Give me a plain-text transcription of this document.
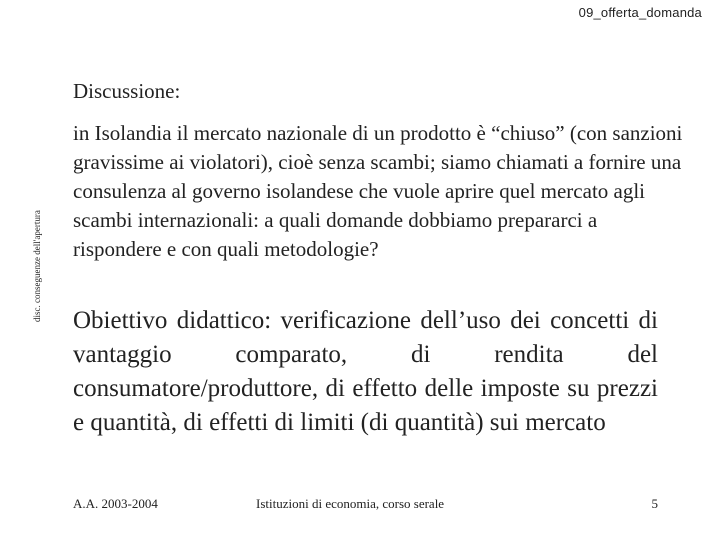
09_offerta_domanda
disc. conseguenze dell'apertura
Discussione:
in Isolandia il mercato nazionale di un prodotto è “chiuso” (con sanzioni gravissime ai violatori), cioè senza scambi; siamo chiamati a fornire una consulenza al governo isolandese che vuole aprire quel mercato agli scambi internazionali: a quali domande dobbiamo prepararci a rispondere e con quali metodologie?
Obiettivo didattico: verificazione dell’uso dei concetti di vantaggio comparato, di rendita del consumatore/produttore, di effetto delle imposte su prezzi e quantità, di effetti di limiti (di quantità) sui mercato
A.A. 2003-2004	Istituzioni di economia, corso serale	5
